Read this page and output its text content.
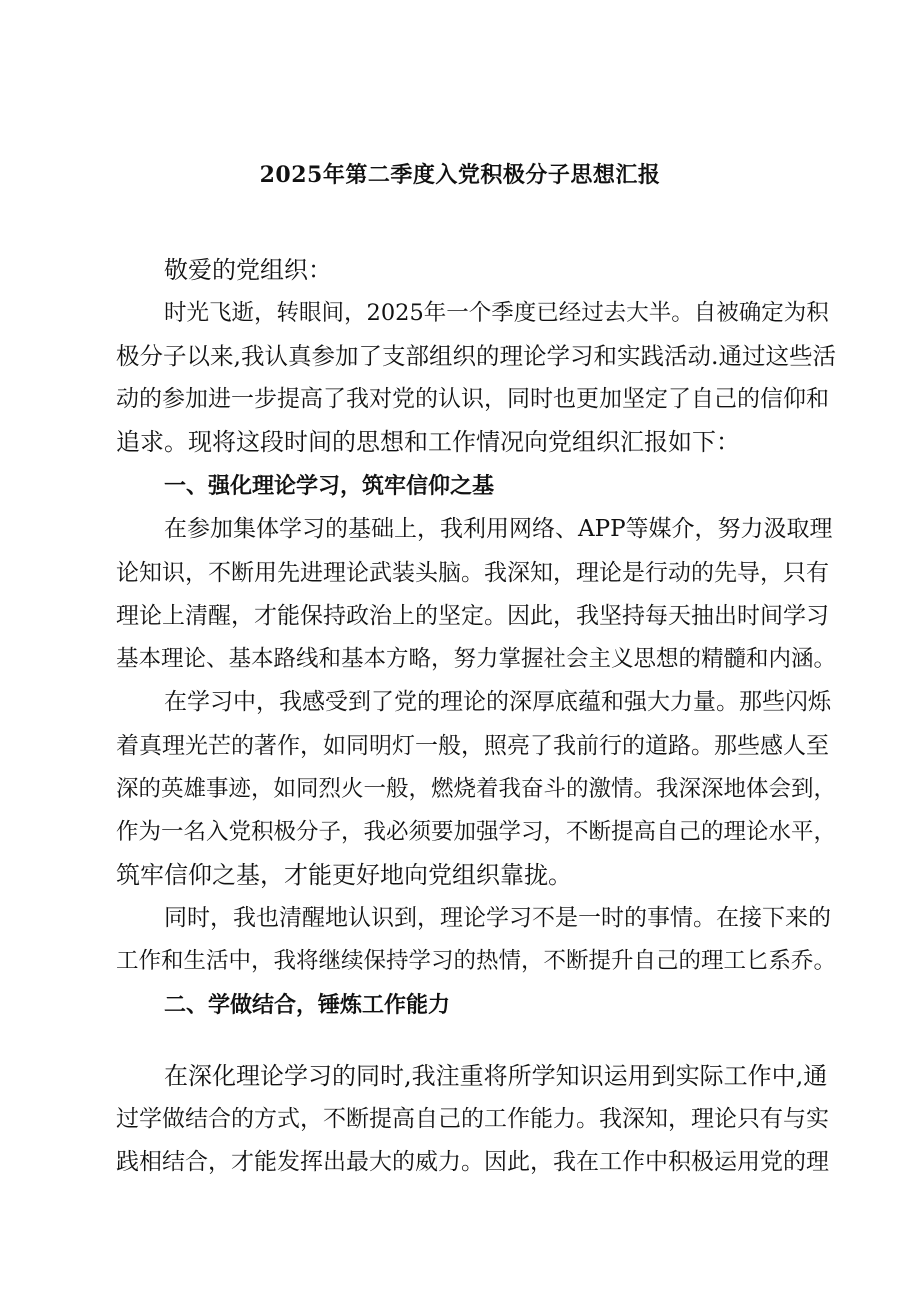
2025年第二季度入党积极分子思想汇报
敬爱的党组织：
时光飞逝，转眼间，2025年一个季度已经过去大半。自被确定为积
极分子以来,我认真参加了支部组织的理论学习和实践活动.通过这些活
动的参加进一步提高了我对党的认识，同时也更加坚定了自己的信仰和
追求。现将这段时间的思想和工作情况向党组织汇报如下：
一、强化理论学习，筑牢信仰之基
在参加集体学习的基础上，我利用网络、APP等媒介，努力汲取理
论知识，不断用先进理论武装头脑。我深知，理论是行动的先导，只有
理论上清醒，才能保持政治上的坚定。因此，我坚持每天抽出时间学习
基本理论、基本路线和基本方略，努力掌握社会主义思想的精髓和内涵。
在学习中，我感受到了党的理论的深厚底蕴和强大力量。那些闪烁
着真理光芒的著作，如同明灯一般，照亮了我前行的道路。那些感人至
深的英雄事迹，如同烈火一般，燃烧着我奋斗的激情。我深深地体会到，
作为一名入党积极分子，我必须要加强学习，不断提高自己的理论水平，
筑牢信仰之基，才能更好地向党组织靠拢。
同时，我也清醒地认识到，理论学习不是一时的事情。在接下来的
工作和生活中，我将继续保持学习的热情，不断提升自己的理工匕系乔。
二、学做结合，锤炼工作能力
在深化理论学习的同时,我注重将所学知识运用到实际工作中,通
过学做结合的方式，不断提高自己的工作能力。我深知，理论只有与实
践相结合，才能发挥出最大的威力。因此，我在工作中积极运用党的理
